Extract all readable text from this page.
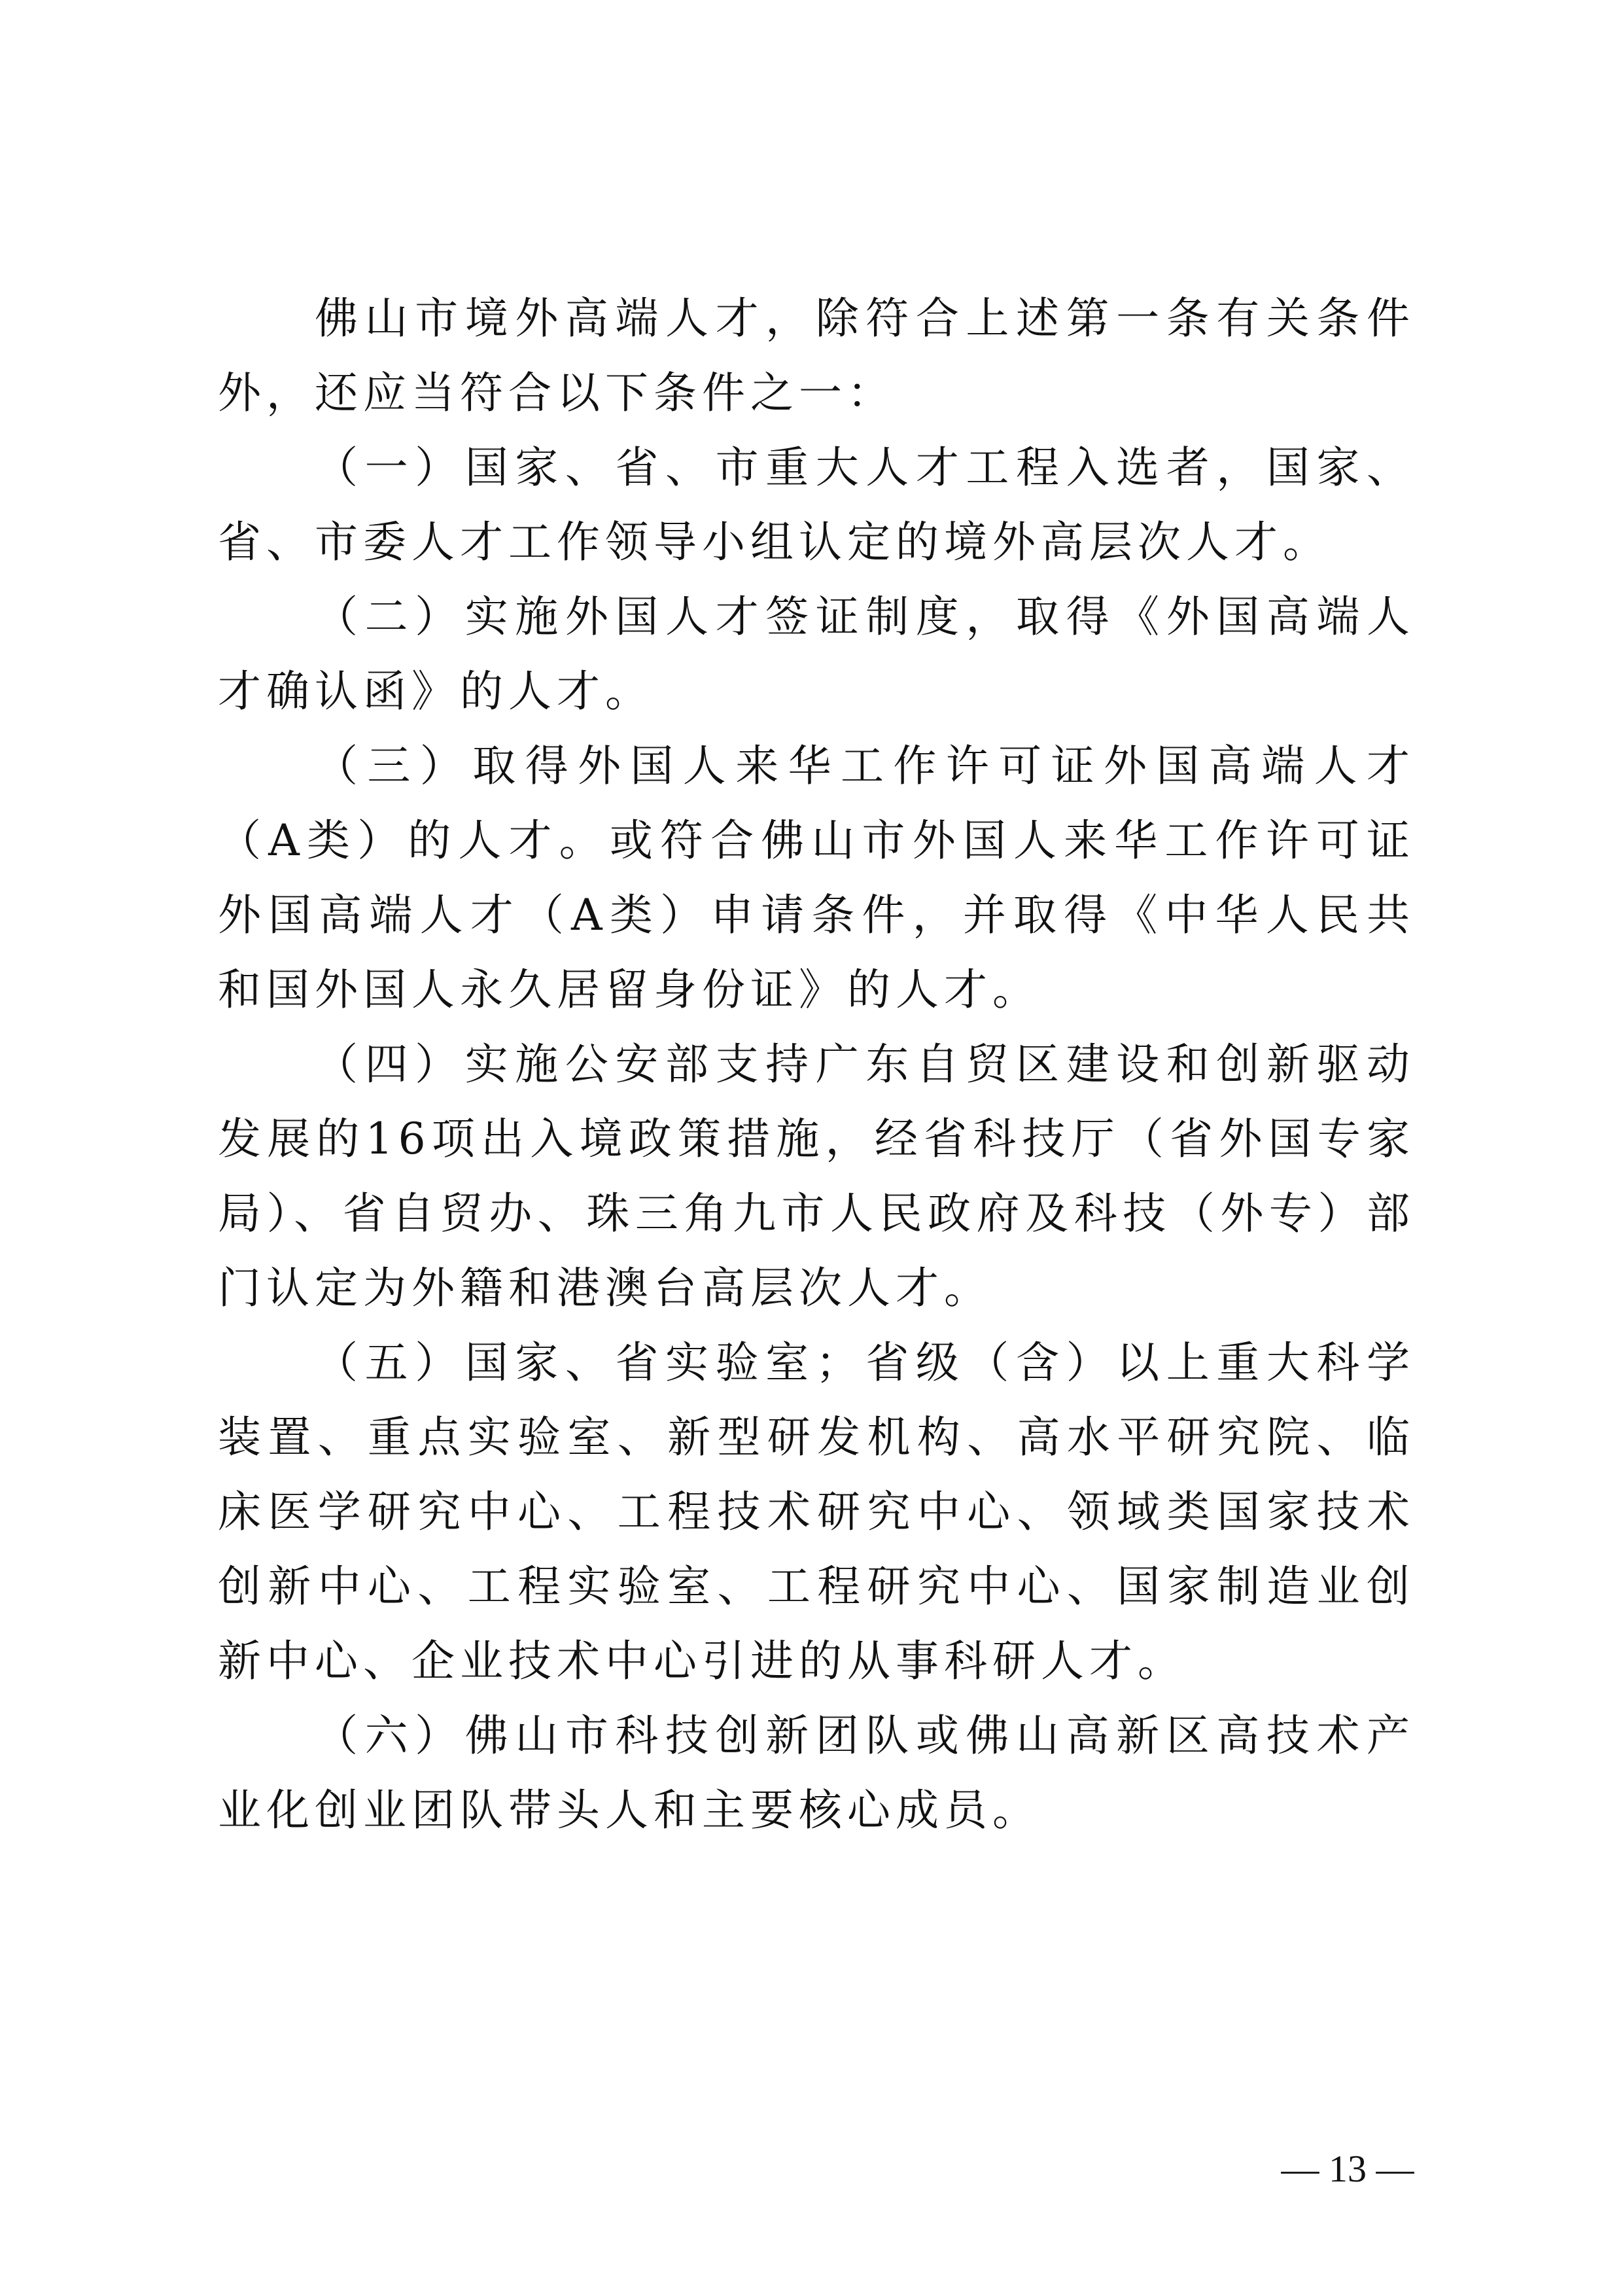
佛山市境外高端人才，除符合上述第一条有关条件外，还应当符合以下条件之一：

（一）国家、省、市重大人才工程入选者，国家、省、市委人才工作领导小组认定的境外高层次人才。

（二）实施外国人才签证制度，取得《外国高端人才确认函》的人才。

（三）取得外国人来华工作许可证外国高端人才（A类）的人才。或符合佛山市外国人来华工作许可证外国高端人才（A类）申请条件，并取得《中华人民共和国外国人永久居留身份证》的人才。

（四）实施公安部支持广东自贸区建设和创新驱动发展的16项出入境政策措施，经省科技厅（省外国专家局）、省自贸办、珠三角九市人民政府及科技（外专）部门认定为外籍和港澳台高层次人才。

（五）国家、省实验室；省级（含）以上重大科学装置、重点实验室、新型研发机构、高水平研究院、临床医学研究中心、工程技术研究中心、领域类国家技术创新中心、工程实验室、工程研究中心、国家制造业创新中心、企业技术中心引进的从事科研人才。

（六）佛山市科技创新团队或佛山高新区高技术产业化创业团队带头人和主要核心成员。

— 13 —
